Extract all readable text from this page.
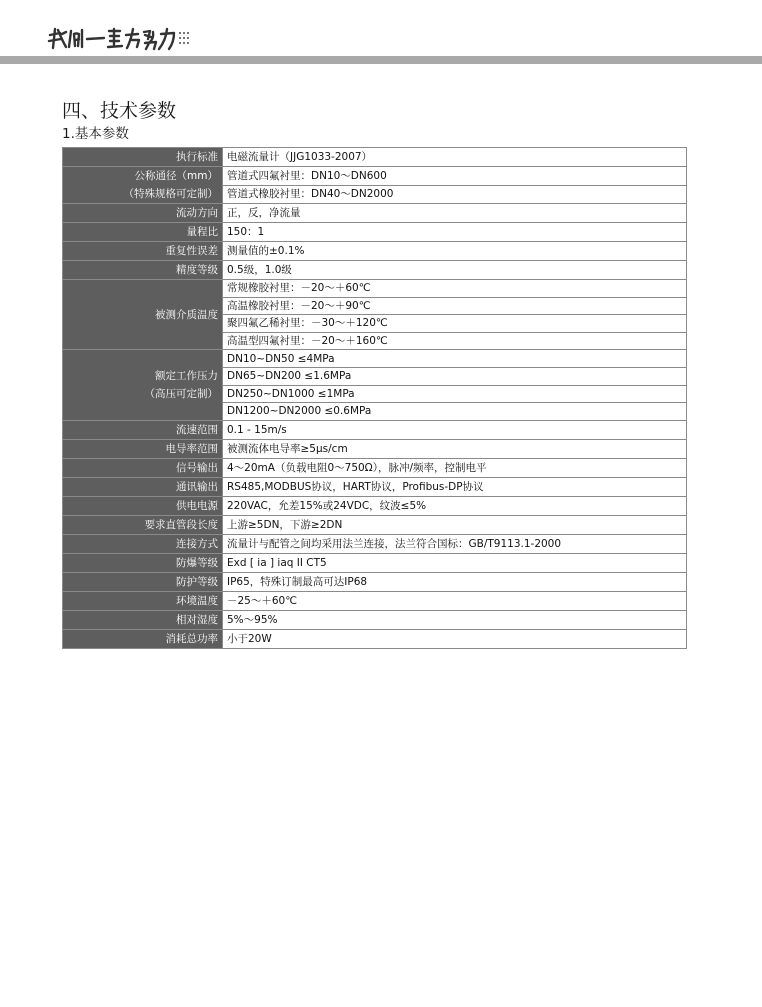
四、技术参数
1.基本参数
执行标准	电磁流量计（JJG1033-2007）

公称通径（mm）
（特殊规格可定制）	管道式四氟衬里：DN10～DN600
	管道式橡胶衬里：DN40～DN2000

流动方向	正，反，净流量

量程比	150：1

重复性误差	测量值的±0.1%

精度等级	0.5级，1.0级

被测介质温度	常规橡胶衬里：－20～＋60℃
	高温橡胶衬里：－20～＋90℃
	聚四氟乙稀衬里：－30～＋120℃
	高温型四氟衬里：－20～＋160℃

额定工作压力
（高压可定制）	DN10~DN50 ≤4MPa
	DN65~DN200 ≤1.6MPa
	DN250~DN1000 ≤1MPa
	DN1200~DN2000 ≤0.6MPa

流速范围	0.1 - 15m/s

电导率范围	被测流体电导率≥5μs/cm

信号输出	4～20mA（负载电阻0～750Ω），脉冲/频率，控制电平

通讯输出	RS485,MODBUS协议，HART协议，Profibus-DP协议

供电电源	220VAC，允差15%或24VDC，纹波≤5%

要求直管段长度	上游≥5DN，下游≥2DN

连接方式	流量计与配管之间均采用法兰连接，法兰符合国标：GB/T9113.1-2000

防爆等级	Exd [ ia ] iaq II CT5

防护等级	IP65，特殊订制最高可达IP68

环境温度	－25～＋60℃

相对湿度	5%～95%

消耗总功率	小于20W
